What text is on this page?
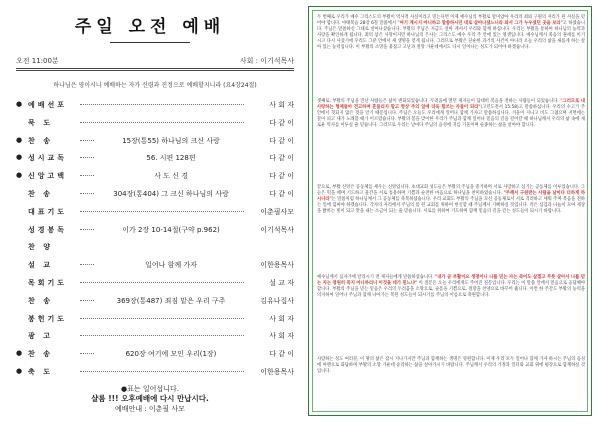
주일 오전 예배
오전 11:00분	사회 : 이기석목사
하나님은 영이시니 예배하는 자가 신령과 진정으로 예배할지니라 (요4장24절)
● 예배선포	사 회 자
묵 도	다 같 이
● 찬 송	15장(통55) 하나님의 크신 사랑	다 같 이
● 성시교독	56. 시편 128편	다 같 이
● 신앙고백	사 도 신 경	다 같 이
찬 송	304장(통404) 그 크신 하나님의 사랑	다 같 이
대표기도	이춘필사모
성경봉독	이가 2장 10-14절(구약 p.962)	이기석목사
찬 양
설 교	일어나 함께 가자	이한용목사
목회기도	설 교 자
찬 송	369장(통487) 죄짐 맡은 우리 구주	김유나집사
봉헌기도	사 회 자
광 고	사 회 자
● 찬 송	620장 여기에 모인 우리(1장)	다 같 이
● 축 도	이한용목사
●표는 일어섭니다.
샬롬 !!! 오후예배에 다시 만납시다.
예배안내 : 이춘필 사모
두 번째로 우리가 예수 그리스도의 부활이 역사적 사실이라고 믿는다면 이제 예수님의 부활로 말미암아 우리의 죄와 구원의 자리가 된 사실을 믿어야 합니다. 마태복음 28장 6절 말씀에서 "여기 계시지 아니하고 말씀하시던 대로 살아나셨느니라 와서 그가 누우셨던 곳을 보라"고 하였습니다. 주님은 말씀하신 그대로 살아나셨습니다. 부활의 주님은 지금도 살아 계셔서 우리와 함께 하십니다. 우리는 부활을 통하여 하나님의 능력과 사랑을 확인하게 됩니다. 죄의 삯은 사망이지만 하나님의 은사는 그리스도 예수 우리 주 안에 있는 영생입니다. 예수님께서 죽음의 권세를 이기시고 다시 사셨기에 우리도 그분 안에서 새 생명을 얻게 됩니다. 그러므로 부활은 단순한 과거의 사건이 아니라 오늘 우리의 삶을 새롭게 하는 살아 있는 능력입니다. 이 부활의 소망을 붙잡고 고난과 절망 가운데에서도 다시 일어나는 성도가 되어야 하겠습니다.
셋째로, 부활의 주님을 만난 사람들은 삶이 변화되었습니다. 두려움에 떨던 제자들이 담대히 복음을 전하는 사람들이 되었습니다. "그러므로 내 사랑하는 형제들아 견고하며 흔들리지 말고 항상 주의 일에 더욱 힘쓰는 자들이 되라"(고린도전서 15:58)고 말씀하십니다. 우리의 수고가 주 안에서 헛되지 않은 것을 알기 때문입니다. 주님은 오늘도 우리에게 일어나 함께 가자고 말씀하십니다. 겨울이 지나고 비도 그쳤으며 지면에는 꽃이 피고 새가 노래할 때가 이르렀습니다. 부활의 봄을 맞이한 우리가 주님과 함께 일어나 믿음의 길을 걸어갈 때 하나님께서 우리의 삶 속에 새로운 역사를 이루실 줄 믿습니다. 그러므로 우리는 날마다 주님의 음성에 귀를 기울이며 순종하는 삶을 살아야 합니다.
끝으로, 부활 신앙은 공동체를 세우는 신앙입니다. 초대교회 성도들은 부활의 주님을 증거하며 서로 사랑하고 섬기는 공동체를 이루었습니다. 그들은 떡을 떼며 기도하고 물건을 서로 통용하며 기쁨과 순전한 마음으로 하나님을 찬미하였습니다. "주께서 구원받는 사람을 날마다 더하게 하시니라"는 말씀처럼 하나님께서 그 공동체를 축복하셨습니다. 우리 교회도 부활의 주님을 모신 공동체로서 서로 격려하고 세워 주며 복음을 전하는 일에 힘써야 하겠습니다. 각자의 자리에서 주님의 몸 된 교회를 위하여 헌신할 때 주님께서 기뻐하실 것입니다. 작은 섬김과 나눔이 모여 세상을 밝히는 빛이 되고 맛을 내는 소금이 되는 줄 믿습니다. 서로를 위하여 기도하며 함께 믿음의 길을 걷는 성도들이 되시기 바랍니다.
예수님께서 십자가에 달리시기 전 제자들에게 말씀하셨습니다. "내가 곧 부활이요 생명이니 나를 믿는 자는 죽어도 살겠고 무릇 살아서 나를 믿는 자는 영원히 죽지 아니하리니 이것을 네가 믿느냐" 이 질문은 오늘 우리에게도 주어진 질문입니다. 우리는 이 말씀 앞에서 믿음으로 응답해야 합니다. 부활의 주님을 믿는 믿음은 우리의 두려움을 소망으로, 슬픔을 기쁨으로, 절망을 찬양으로 바꾸어 줍니다. 이번 한 주간도 부활의 능력을 의지하여 일어나 주님과 함께 나아가는 복된 성도들이 되시기를 주님의 이름으로 축원합니다.
사랑하는 성도 여러분, 이 땅의 삶은 잠시 지나가지만 주님과 함께하는 생명은 영원합니다. 이제 우리 모두 일어나 함께 가자 하시는 주님의 음성에 아멘으로 화답하며 부활의 소망 가운데 승리하는 삶을 살아가시기 바랍니다. 주님께서 우리의 가정과 일터와 교회 위에 평강으로 함께하실 것입니다.
